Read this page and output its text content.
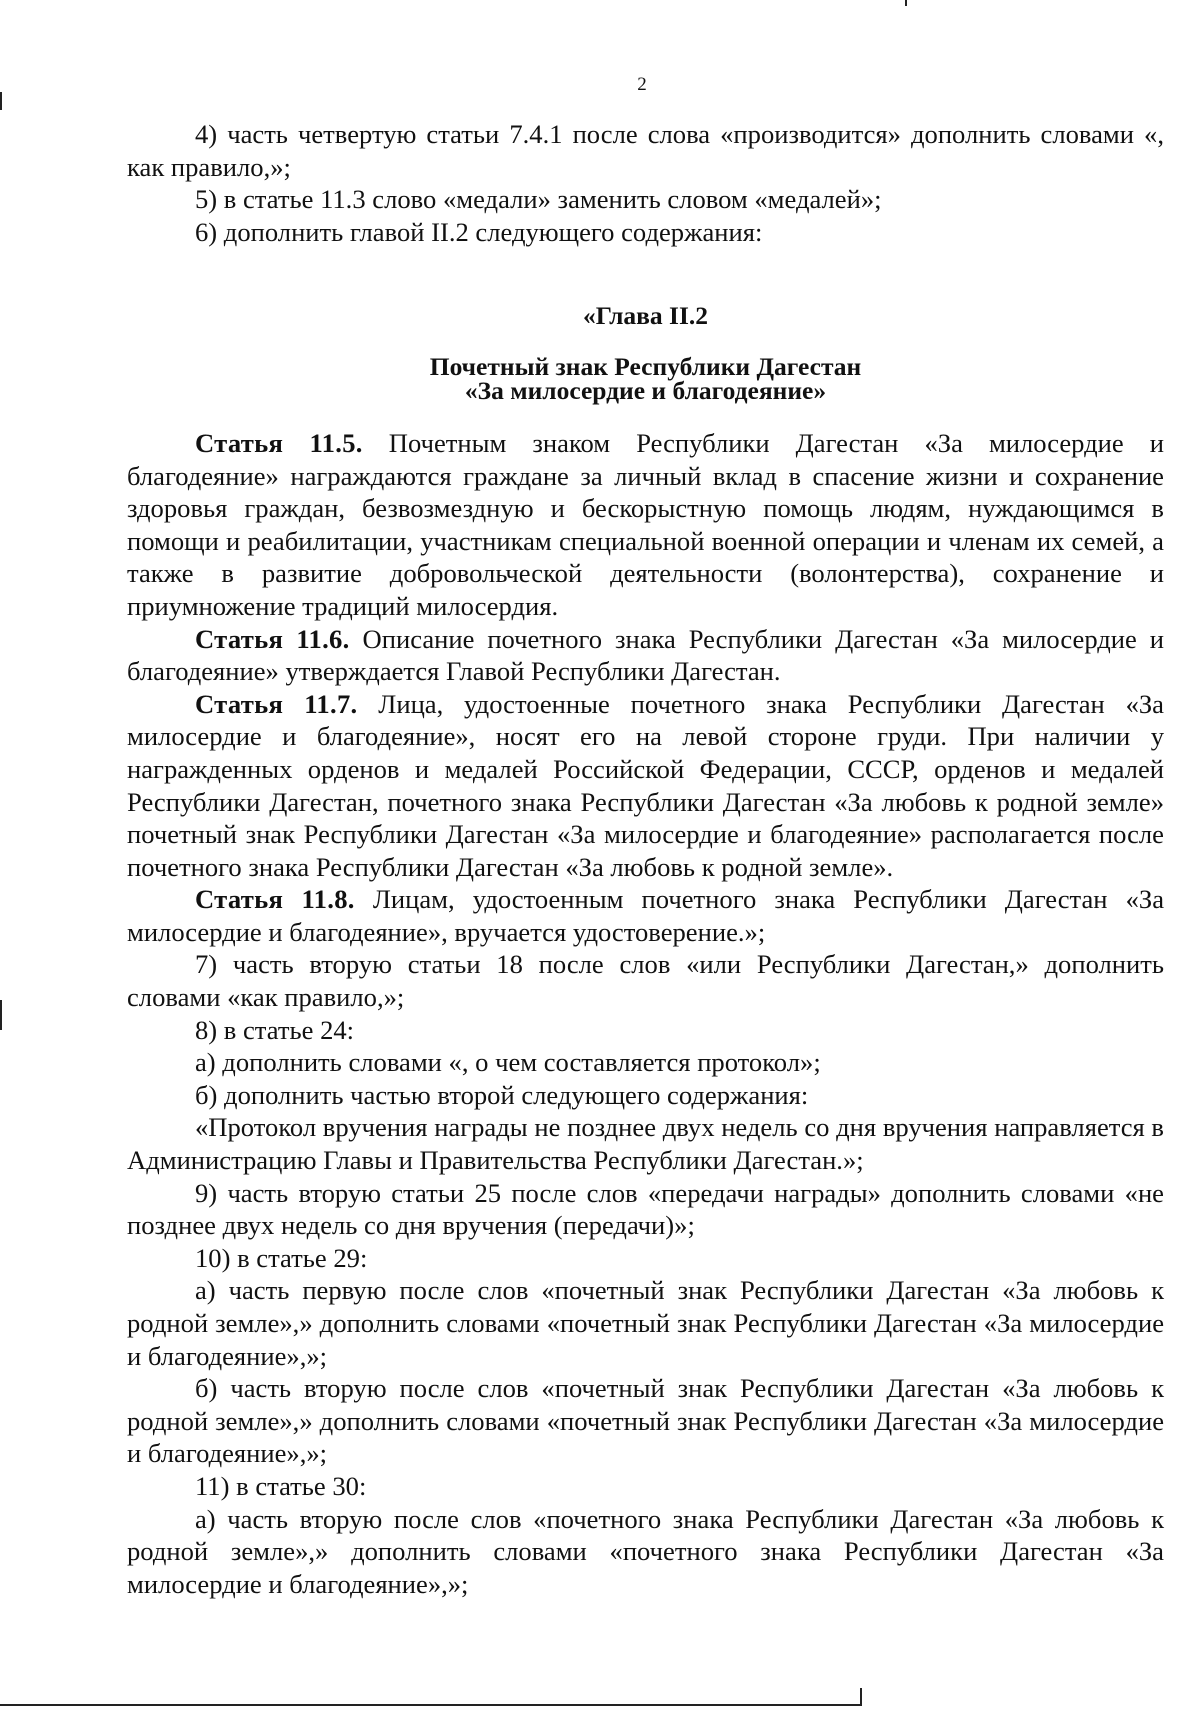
2

4) часть четвертую статьи 7.4.1 после слова «производится» дополнить словами «, как правило,»;

5) в статье 11.3 слово «медали» заменить словом «медалей»;

6) дополнить главой II.2 следующего содержания:

«Глава II.2

Почетный знак Республики Дагестан
«За милосердие и благодеяние»

Статья 11.5. Почетным знаком Республики Дагестан «За милосердие и благодеяние» награждаются граждане за личный вклад в спасение жизни и сохранение здоровья граждан, безвозмездную и бескорыстную помощь людям, нуждающимся в помощи и реабилитации, участникам специальной военной операции и членам их семей, а также в развитие добровольческой деятельности (волонтерства), сохранение и приумножение традиций милосердия.

Статья 11.6. Описание почетного знака Республики Дагестан «За милосердие и благодеяние» утверждается Главой Республики Дагестан.

Статья 11.7. Лица, удостоенные почетного знака Республики Дагестан «За милосердие и благодеяние», носят его на левой стороне груди. При наличии у награжденных орденов и медалей Российской Федерации, СССР, орденов и медалей Республики Дагестан, почетного знака Республики Дагестан «За любовь к родной земле» почетный знак Республики Дагестан «За милосердие и благодеяние» располагается после почетного знака Республики Дагестан «За любовь к родной земле».

Статья 11.8. Лицам, удостоенным почетного знака Республики Дагестан «За милосердие и благодеяние», вручается удостоверение.»;

7) часть вторую статьи 18 после слов «или Республики Дагестан,» дополнить словами «как правило,»;

8) в статье 24:

а) дополнить словами «, о чем составляется протокол»;

б) дополнить частью второй следующего содержания:

«Протокол вручения награды не позднее двух недель со дня вручения направляется в Администрацию Главы и Правительства Республики Дагестан.»;

9) часть вторую статьи 25 после слов «передачи награды» дополнить словами «не позднее двух недель со дня вручения (передачи)»;

10) в статье 29:

а) часть первую после слов «почетный знак Республики Дагестан «За любовь к родной земле»,» дополнить словами «почетный знак Республики Дагестан «За милосердие и благодеяние»,»;

б) часть вторую после слов «почетный знак Республики Дагестан «За любовь к родной земле»,» дополнить словами «почетный знак Республики Дагестан «За милосердие и благодеяние»,»;

11) в статье 30:

а) часть вторую после слов «почетного знака Республики Дагестан «За любовь к родной земле»,» дополнить словами «почетного знака Республики Дагестан «За милосердие и благодеяние»,»;
